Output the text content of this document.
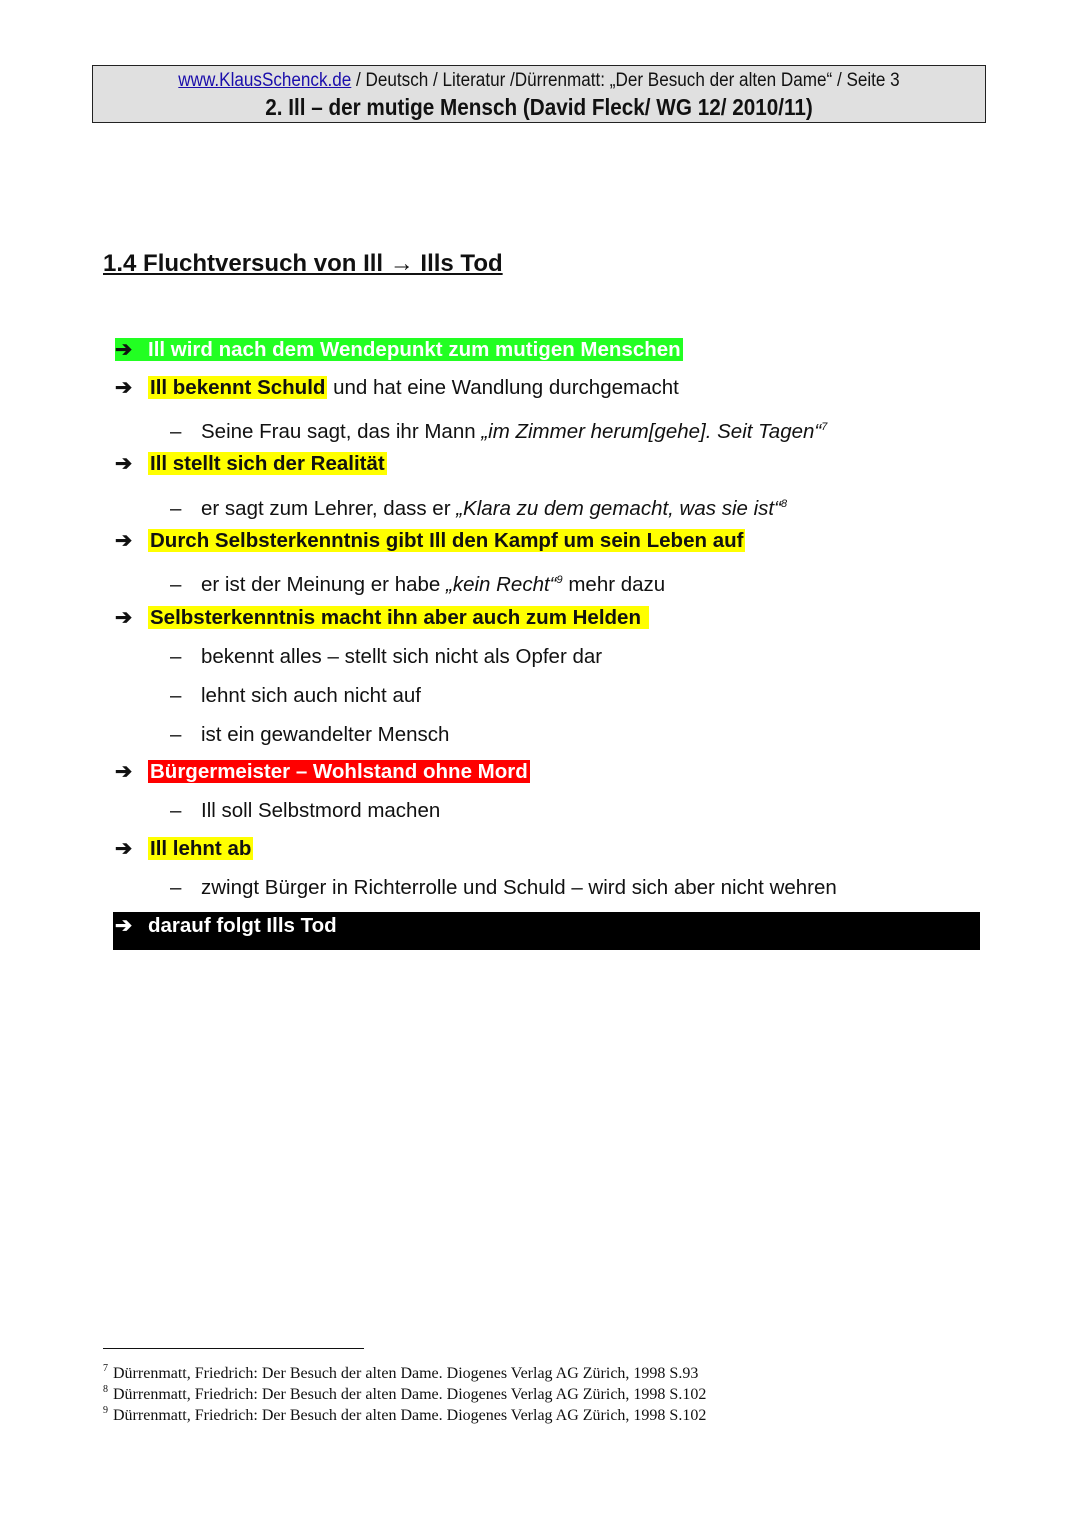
www.KlausSchenck.de / Deutsch / Literatur /Dürrenmatt: „Der Besuch der alten Dame“ / Seite 3
2. Ill – der mutige Mensch (David Fleck/ WG 12/ 2010/11)
1.4 Fluchtversuch von Ill → Ills Tod
➔ Ill wird nach dem Wendepunkt zum mutigen Menschen
➔ Ill bekennt Schuld und hat eine Wandlung durchgemacht
– Seine Frau sagt, das ihr Mann „im Zimmer herum[gehe]. Seit Tagen“$^7$
➔ Ill stellt sich der Realität
– er sagt zum Lehrer, dass er „Klara zu dem gemacht, was sie ist“$^8$
➔ Durch Selbsterkenntnis gibt Ill den Kampf um sein Leben auf
– er ist der Meinung er habe „kein Recht“$^9$ mehr dazu
➔ Selbsterkenntnis macht ihn aber auch zum Helden
– bekennt alles – stellt sich nicht als Opfer dar
– lehnt sich auch nicht auf
– ist ein gewandelter Mensch
➔ Bürgermeister – Wohlstand ohne Mord
– Ill soll Selbstmord machen
➔ Ill lehnt ab
– zwingt Bürger in Richterrolle und Schuld – wird sich aber nicht wehren
➔ darauf folgt Ills Tod
7 Dürrenmatt, Friedrich: Der Besuch der alten Dame. Diogenes Verlag AG Zürich, 1998 S.93
8 Dürrenmatt, Friedrich: Der Besuch der alten Dame. Diogenes Verlag AG Zürich, 1998 S.102
9 Dürrenmatt, Friedrich: Der Besuch der alten Dame. Diogenes Verlag AG Zürich, 1998 S.102
